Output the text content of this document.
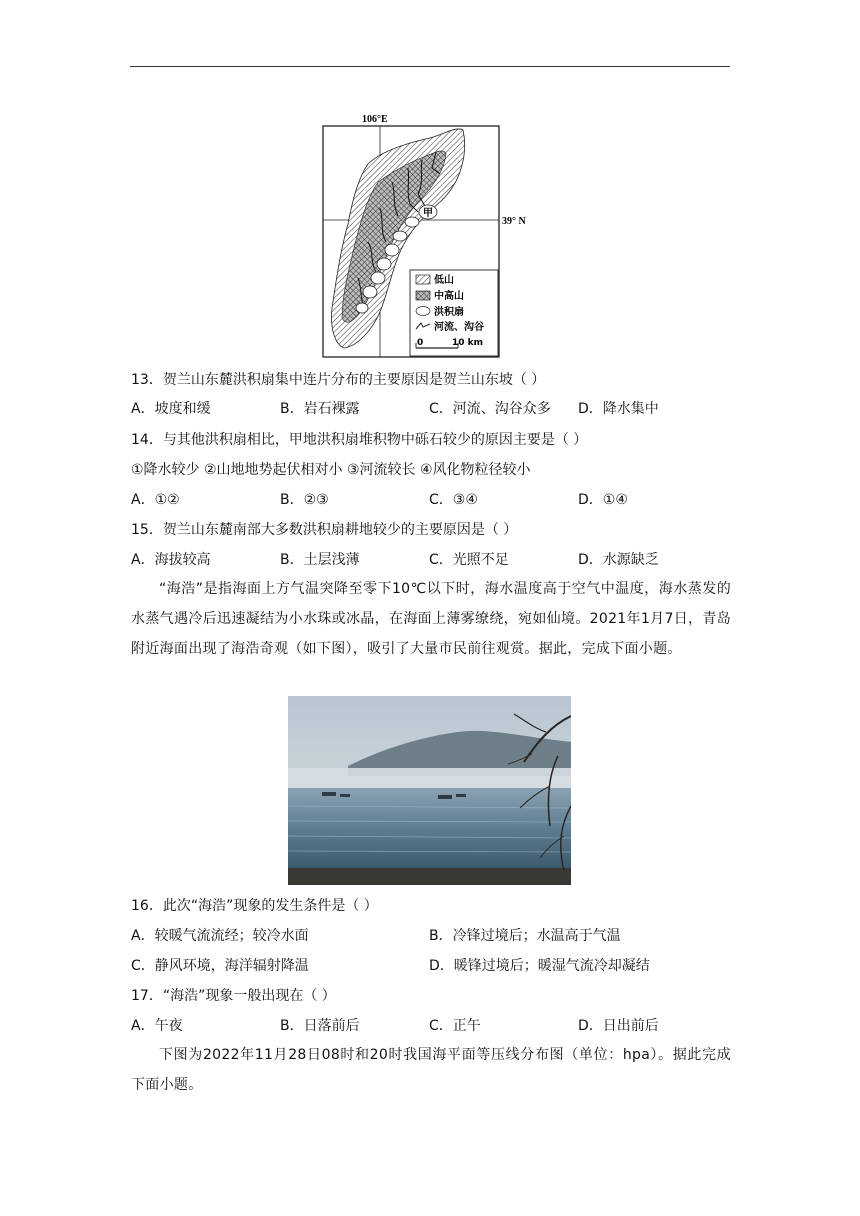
106°E
39° N
甲
低山
中高山
洪积扇
河流、沟谷
0	10 km
13．贺兰山东麓洪积扇集中连片分布的主要原因是贺兰山东坡（ ）
A．坡度和缓	B．岩石裸露	C．河流、沟谷众多 D．降水集中
14．与其他洪积扇相比，甲地洪积扇堆积物中砾石较少的原因主要是（ ）
①降水较少 ②山地地势起伏相对小 ③河流较长 ④风化物粒径较小
A．①②	B．②③	C．③④	D．①④
15．贺兰山东麓南部大多数洪积扇耕地较少的主要原因是（ ）
A．海拔较高	B．土层浅薄	C．光照不足	D．水源缺乏
“海浩”是指海面上方气温突降至零下10℃以下时，海水温度高于空气中温度，海水蒸发的水蒸气遇冷后迅速凝结为小水珠或冰晶，在海面上薄雾缭绕，宛如仙境。2021年1月7日，青岛附近海面出现了海浩奇观（如下图），吸引了大量市民前往观赏。据此，完成下面小题。
16．此次“海浩”现象的发生条件是（ ）
A．较暖气流流经；较冷水面	B．冷锋过境后；水温高于气温
C．静风环境，海洋辐射降温	D．暖锋过境后；暖湿气流冷却凝结
17．“海浩”现象一般出现在（ ）
A．午夜	B．日落前后	C．正午	D．日出前后
下图为2022年11月28日08时和20时我国海平面等压线分布图（单位：hpa）。据此完成下面小题。
